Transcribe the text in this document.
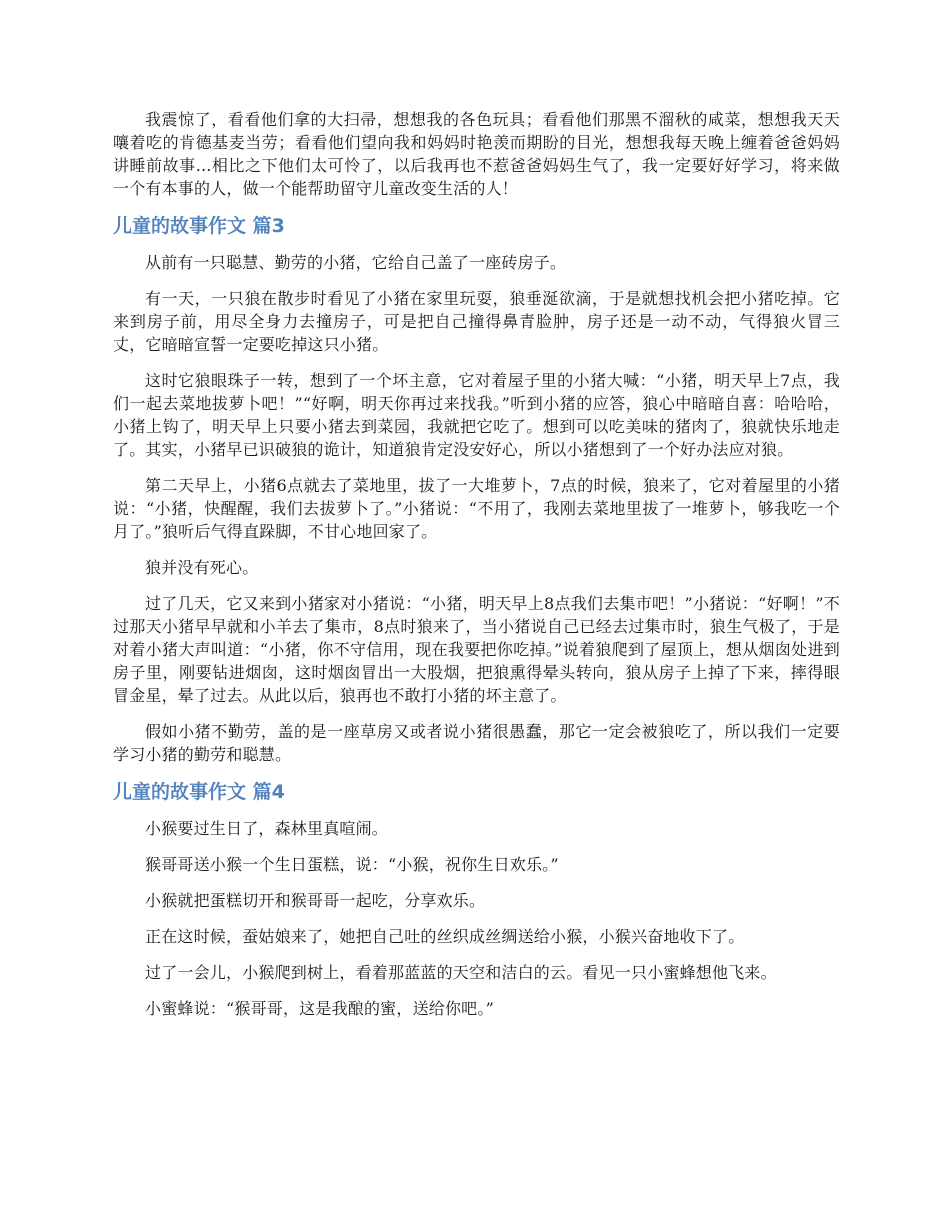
我震惊了，看看他们拿的大扫帚，想想我的各色玩具；看看他们那黑不溜秋的咸菜，想想我天天嚷着吃的肯德基麦当劳；看看他们望向我和妈妈时艳羡而期盼的目光，想想我每天晚上缠着爸爸妈妈讲睡前故事...相比之下他们太可怜了，以后我再也不惹爸爸妈妈生气了，我一定要好好学习，将来做一个有本事的人，做一个能帮助留守儿童改变生活的人！

儿童的故事作文 篇3

从前有一只聪慧、勤劳的小猪，它给自己盖了一座砖房子。

有一天，一只狼在散步时看见了小猪在家里玩耍，狼垂涎欲滴，于是就想找机会把小猪吃掉。它来到房子前，用尽全身力去撞房子，可是把自己撞得鼻青脸肿，房子还是一动不动，气得狼火冒三丈，它暗暗宣誓一定要吃掉这只小猪。

这时它狼眼珠子一转，想到了一个坏主意，它对着屋子里的小猪大喊：“小猪，明天早上7点，我们一起去菜地拔萝卜吧！”“好啊，明天你再过来找我。”听到小猪的应答，狼心中暗暗自喜：哈哈哈，小猪上钩了，明天早上只要小猪去到菜园，我就把它吃了。想到可以吃美味的猪肉了，狼就快乐地走了。其实，小猪早已识破狼的诡计，知道狼肯定没安好心，所以小猪想到了一个好办法应对狼。

第二天早上，小猪6点就去了菜地里，拔了一大堆萝卜，7点的时候，狼来了，它对着屋里的小猪说：“小猪，快醒醒，我们去拔萝卜了。”小猪说：“不用了，我刚去菜地里拔了一堆萝卜，够我吃一个月了。”狼听后气得直跺脚，不甘心地回家了。

狼并没有死心。

过了几天，它又来到小猪家对小猪说：“小猪，明天早上8点我们去集市吧！”小猪说：“好啊！”不过那天小猪早早就和小羊去了集市，8点时狼来了，当小猪说自己已经去过集市时，狼生气极了，于是对着小猪大声叫道：“小猪，你不守信用，现在我要把你吃掉。”说着狼爬到了屋顶上，想从烟囱处进到房子里，刚要钻进烟囱，这时烟囱冒出一大股烟，把狼熏得晕头转向，狼从房子上掉了下来，摔得眼冒金星，晕了过去。从此以后，狼再也不敢打小猪的坏主意了。

假如小猪不勤劳，盖的是一座草房又或者说小猪很愚蠢，那它一定会被狼吃了，所以我们一定要学习小猪的勤劳和聪慧。

儿童的故事作文 篇4

小猴要过生日了，森林里真喧闹。

猴哥哥送小猴一个生日蛋糕，说：“小猴，祝你生日欢乐。”

小猴就把蛋糕切开和猴哥哥一起吃，分享欢乐。

正在这时候，蚕姑娘来了，她把自己吐的丝织成丝绸送给小猴，小猴兴奋地收下了。

过了一会儿，小猴爬到树上，看着那蓝蓝的天空和洁白的云。看见一只小蜜蜂想他飞来。

小蜜蜂说：“猴哥哥，这是我酿的蜜，送给你吧。”
